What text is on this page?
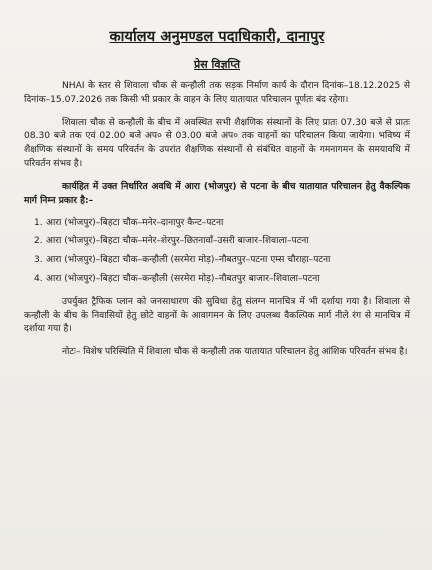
कार्यालय अनुमण्डल पदाधिकारी, दानापुर
प्रेस विज्ञप्ति

NHAI के स्तर से शिवाला चौक से कन्हौली तक सड़क निर्माण कार्य के दौरान दिनांक–18.12.2025 से दिनांक–15.07.2026 तक किसी भी प्रकार के वाहन के लिए यातायात परिचालन पूर्णतः बंद रहेगा।

शिवाला चौक से कन्हौली के बीच में अवस्थित सभी शैक्षणिक संस्थानों के लिए प्रातः 07.30 बजे से प्रातः 08.30 बजे तक एवं 02.00 बजे अप० से 03.00 बजे अप० तक वाहनों का परिचालन किया जायेगा। भविष्य में शैक्षणिक संस्थानों के समय परिवर्तन के उपरांत शैक्षणिक संस्थानों से संबंधित वाहनों के गमनागमन के समयावधि में परिवर्तन संभव है।

कार्यहित में उक्त निर्धारित अवधि में आरा (भोजपुर) से पटना के बीच यातायात परिचालन हेतु वैकल्पिक मार्ग निम्न प्रकार है:–

1. आरा (भोजपुर)–बिहटा चौक–मनेर–दानापुर कैन्ट–पटना
2. आरा (भोजपुर)–बिहटा चौक–मनेर–शेरपुर–छितनावाँ–उसरी बाजार–शिवाला–पटना
3. आरा (भोजपुर)–बिहटा चौक–कन्हौली (सरमेरा मोड़)–नौबतपुर–पटना एम्स चौराहा–पटना
4. आरा (भोजपुर)–बिहटा चौक–कन्हौली (सरमेरा मोड़)–नौबतपुर बाजार–शिवाला–पटना

उपर्युक्त ट्रैफिक प्लान को जनसाधारण की सुविधा हेतु संलग्न मानचित्र में भी दर्शाया गया है। शिवाला से कन्हौली के बीच के निवासियों हेतु छोटे वाहनों के आवागमन के लिए उपलब्ध वैकल्पिक मार्ग नीले रंग से मानचित्र में दर्शाया गया है।

नोटः– विशेष परिस्थिति में शिवाला चौक से कन्हौली तक यातायात परिचालन हेतु आंशिक परिवर्तन संभव है।
